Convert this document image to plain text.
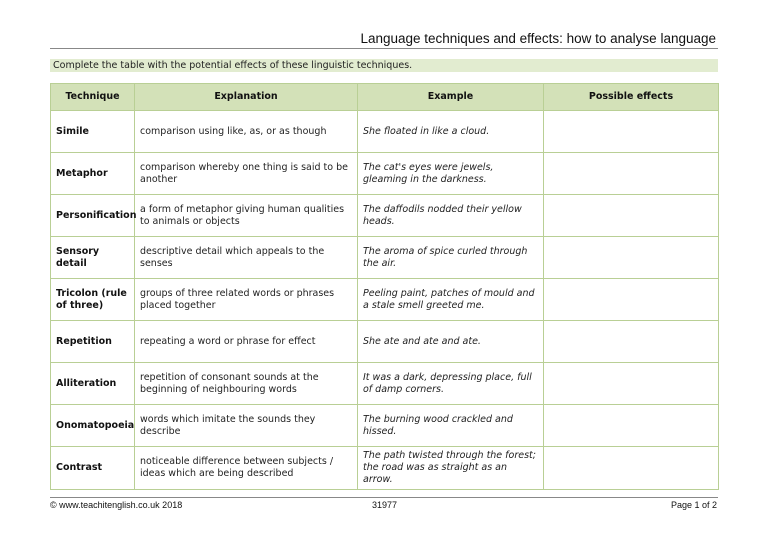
Language techniques and effects: how to analyse language
Complete the table with the potential effects of these linguistic techniques.
Technique	Explanation	Example	Possible effects
Simile	comparison using like, as, or as though	She floated in like a cloud.	
Metaphor	comparison whereby one thing is said to be another	The cat's eyes were jewels, gleaming in the darkness.	
Personification	a form of metaphor giving human qualities to animals or objects	The daffodils nodded their yellow heads.	
Sensory detail	descriptive detail which appeals to the senses	The aroma of spice curled through the air.	
Tricolon (rule of three)	groups of three related words or phrases placed together	Peeling paint, patches of mould and a stale smell greeted me.	
Repetition	repeating a word or phrase for effect	She ate and ate and ate.	
Alliteration	repetition of consonant sounds at the beginning of neighbouring words	It was a dark, depressing place, full of damp corners.	
Onomatopoeia	words which imitate the sounds they describe	The burning wood crackled and hissed.	
Contrast	noticeable difference between subjects / ideas which are being described	The path twisted through the forest; the road was as straight as an arrow.	
© www.teachitenglish.co.uk 2018	31977	Page 1 of 2
